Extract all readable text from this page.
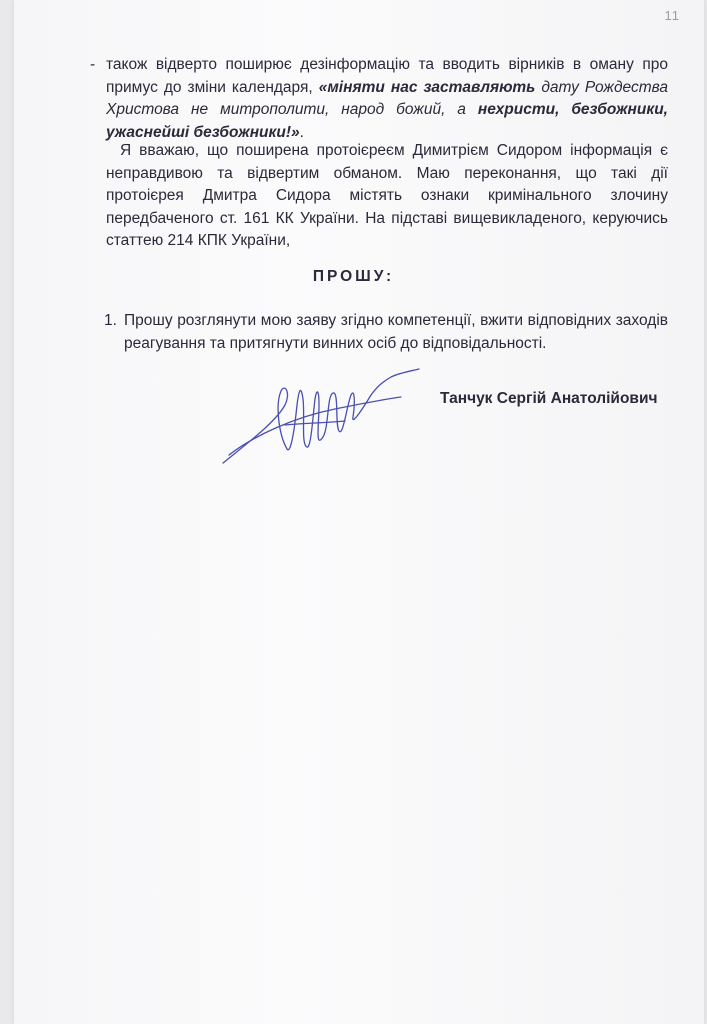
11
- також відверто поширює дезінформацію та вводить вірників в оману про примус до зміни календаря, «міняти нас заставляють дату Рождества Христова не митрополити, народ божий, а нехристи, безбожники, ужаснейші безбожники!».
Я вважаю, що поширена протоієреєм Димитрієм Сидором інформація є неправдивою та відвертим обманом. Маю переконання, що такі дії протоієрея Дмитра Сидора містять ознаки кримінального злочину передбаченого ст. 161 КК України. На підставі вищевикладеного, керуючись статтею 214 КПК України,
ПРОШУ:
1. Прошу розглянути мою заяву згідно компетенції, вжити відповідних заходів реагування та притягнути винних осіб до відповідальності.
Танчук Сергій Анатолійович
